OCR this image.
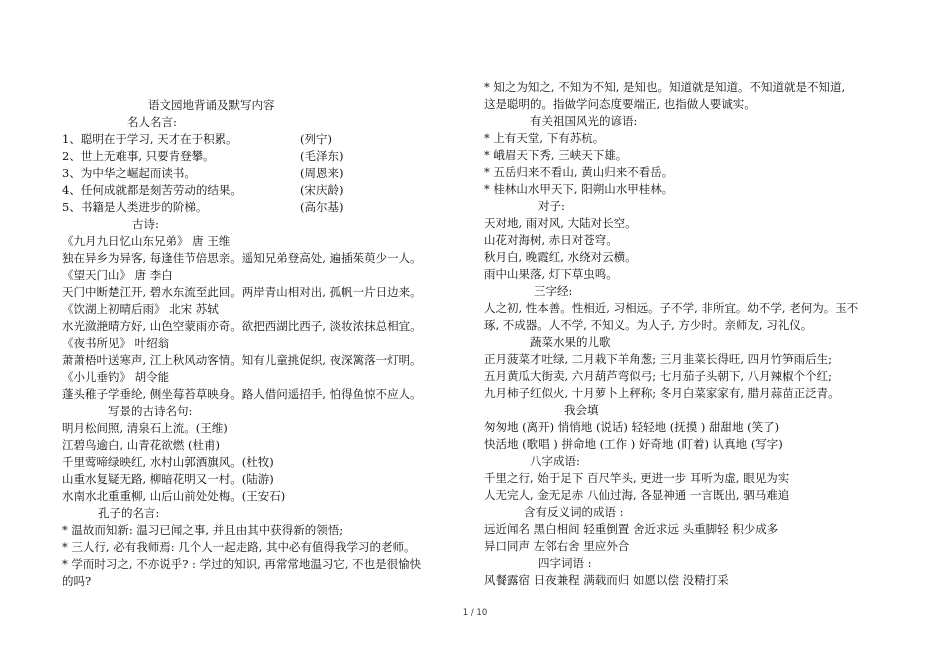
语文园地背诵及默写内容
名人名言:
1、聪明在于学习, 天才在于积累。	(列宁)
2、世上无难事, 只要肯登攀。	(毛泽东)
3、为中华之崛起而读书。	(周恩来)
4、任何成就都是刻苦劳动的结果。	(宋庆龄)
5、书籍是人类进步的阶梯。	(高尔基)
古诗:
《九月九日忆山东兄弟》 唐 王维
独在异乡为异客, 每逢佳节倍思亲。遥知兄弟登高处, 遍插茱萸少一人。
《望天门山》 唐 李白
天门中断楚江开, 碧水东流至此回。两岸青山相对出, 孤帆一片日边来。
《饮湖上初晴后雨》 北宋 苏轼
水光潋滟晴方好, 山色空蒙雨亦奇。欲把西湖比西子, 淡妆浓抹总相宜。
《夜书所见》 叶绍翁
萧萧梧叶送寒声, 江上秋风动客情。知有儿童挑促织, 夜深篱落一灯明。
《小儿垂钓》 胡令能
蓬头稚子学垂纶, 侧坐莓苔草映身。路人借问遥招手, 怕得鱼惊不应人。
写景的古诗名句:
明月松间照, 清泉石上流。(王维)
江碧鸟逾白, 山青花欲燃 (杜甫)
千里莺啼绿映红, 水村山郭酒旗风。(杜牧)
山重水复疑无路, 柳暗花明又一村。(陆游)
水南水北重重柳, 山后山前处处梅。(王安石)
孔子的名言:
* 温故而知新: 温习已闻之事, 并且由其中获得新的领悟;
* 三人行, 必有我师焉: 几个人一起走路, 其中必有值得我学习的老师。
* 学而时习之, 不亦说乎? : 学过的知识, 再常常地温习它, 不也是很愉快
的吗?
* 知之为知之, 不知为不知, 是知也。知道就是知道。不知道就是不知道,
这是聪明的。指做学问态度要端正, 也指做人要诚实。
有关祖国风光的谚语:
* 上有天堂, 下有苏杭。
* 峨眉天下秀, 三峡天下雄。
* 五岳归来不看山, 黄山归来不看岳。
* 桂林山水甲天下, 阳朔山水甲桂林。
对子:
天对地, 雨对风, 大陆对长空。
山花对海树, 赤日对苍穹。
秋月白, 晚霞红, 水绕对云横。
雨中山果落, 灯下草虫鸣。
三字经:
人之初, 性本善。性相近, 习相远。子不学, 非所宜。幼不学, 老何为。玉不
琢, 不成器。人不学, 不知义。为人子, 方少时。亲师友, 习礼仪。
蔬菜水果的儿歌
正月菠菜才吐绿, 二月栽下羊角葱; 三月韭菜长得旺, 四月竹笋雨后生;
五月黄瓜大街卖, 六月葫芦弯似弓; 七月茄子头朝下, 八月辣椒个个红;
九月柿子红似火, 十月萝卜上秤称; 冬月白菜家家有, 腊月蒜苗正泛青。
我会填
匆匆地 (离开) 悄悄地 (说话) 轻轻地 (抚摸 ) 甜甜地 (笑了)
快活地 (歌唱 ) 拼命地 (工作 ) 好奇地 (盯着) 认真地 (写字)
八字成语:
千里之行, 始于足下 百尺竿头, 更进一步 耳听为虚, 眼见为实
人无完人, 金无足赤 八仙过海, 各显神通 一言既出, 驷马难追
含有反义词的成语 :
远近闻名 黑白相间 轻重倒置 舍近求远 头重脚轻 积少成多
异口同声 左邻右舍 里应外合
四字词语 :
风餐露宿 日夜兼程 满载而归 如愿以偿 没精打采
1 / 10
